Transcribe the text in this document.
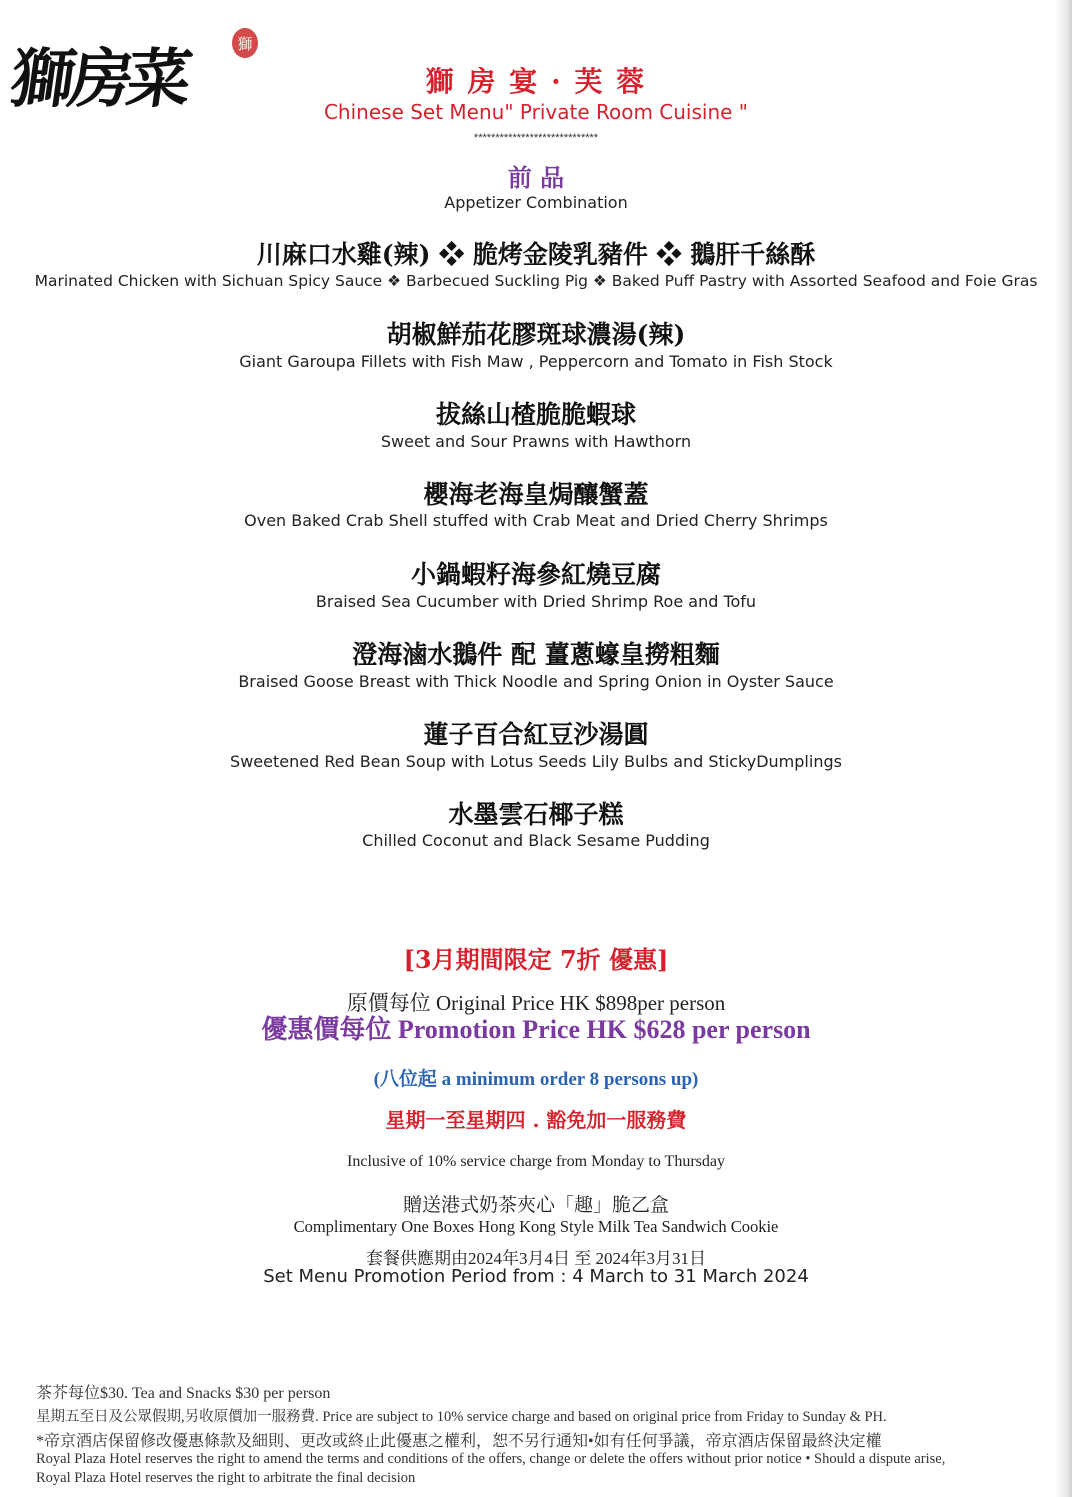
獅房菜	獅
獅 房 宴 · 芙 蓉
Chinese Set Menu" Private Room Cuisine "
*****************************
前 品
Appetizer Combination
川麻口水雞(辣) ❖ 脆烤金陵乳豬件 ❖ 鵝肝千絲酥
Marinated Chicken with Sichuan Spicy Sauce ❖ Barbecued Suckling Pig ❖ Baked Puff Pastry with Assorted Seafood and Foie Gras
胡椒鮮茄花膠斑球濃湯(辣)
Giant Garoupa Fillets with Fish Maw , Peppercorn and Tomato in Fish Stock
拔絲山楂脆脆蝦球
Sweet and Sour Prawns with Hawthorn
櫻海老海皇焗釀蟹蓋
Oven Baked Crab Shell stuffed with Crab Meat and Dried Cherry Shrimps
小鍋蝦籽海參紅燒豆腐
Braised Sea Cucumber with Dried Shrimp Roe and Tofu
澄海滷水鵝件 配 薑蔥蠔皇撈粗麵
Braised Goose Breast with Thick Noodle and Spring Onion in Oyster Sauce
蓮子百合紅豆沙湯圓
Sweetened Red Bean Soup with Lotus Seeds Lily Bulbs and StickyDumplings
水墨雲石椰子糕
Chilled Coconut and Black Sesame Pudding
[3月期間限定 7折 優惠]
原價每位 Original Price HK $898per person
優惠價每位 Promotion Price HK $628 per person
(八位起 a minimum order 8 persons up)
星期一至星期四 . 豁免加一服務費
Inclusive of 10% service charge from Monday to Thursday
贈送港式奶茶夾心「趣」脆乙盒
Complimentary One Boxes Hong Kong Style Milk Tea Sandwich Cookie
套餐供應期由2024年3月4日 至 2024年3月31日
Set Menu Promotion Period from : 4 March to 31 March 2024
茶芥每位$30. Tea and Snacks $30 per person
星期五至日及公眾假期,另收原價加一服務費. Price are subject to 10% service charge and based on original price from Friday to Sunday & PH.
*帝京酒店保留修改優惠條款及細則、更改或終止此優惠之權利，恕不另行通知•如有任何爭議，帝京酒店保留最終決定權
Royal Plaza Hotel reserves the right to amend the terms and conditions of the offers, change or delete the offers without prior notice • Should a dispute arise,
Royal Plaza Hotel reserves the right to arbitrate the final decision
